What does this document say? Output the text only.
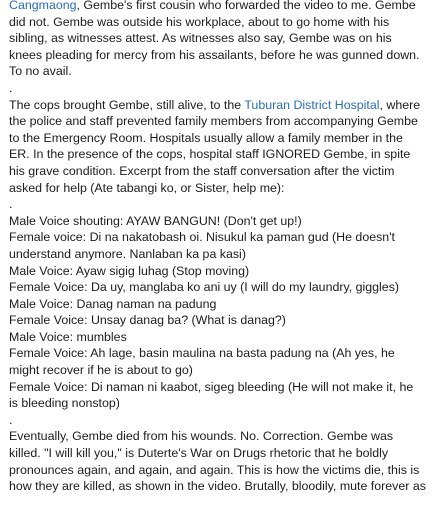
Cangmaong, Gembe's first cousin who forwarded the video to me. Gembe
did not. Gembe was outside his workplace, about to go home with his
sibling, as witnesses attest. As witnesses also say, Gembe was on his
knees pleading for mercy from his assailants, before he was gunned down.
To no avail.
.
The cops brought Gembe, still alive, to the Tuburan District Hospital, where
the police and staff prevented family members from accompanying Gembe
to the Emergency Room. Hospitals usually allow a family member in the
ER. In the presence of the cops, hospital staff IGNORED Gembe, in spite
his grave condition. Excerpt from the staff conversation after the victim
asked for help (Ate tabangi ko, or Sister, help me):
.
Male Voice shouting: AYAW BANGUN! (Don't get up!)
Female voice: Di na nakatobash oi. Nisukul ka paman gud (He doesn't
understand anymore. Nanlaban ka pa kasi)
Male Voice: Ayaw sigig luhag (Stop moving)
Female Voice: Da uy, manglaba ko ani uy (I will do my laundry, giggles)
Male Voice: Danag naman na padung
Female Voice: Unsay danag ba? (What is danag?)
Male Voice: mumbles
Female Voice: Ah lage, basin maulina na basta padung na (Ah yes, he
might recover if he is about to go)
Female Voice: Di naman ni kaabot, sigeg bleeding (He will not make it, he
is bleeding nonstop)
.
Eventually, Gembe died from his wounds. No. Correction. Gembe was
killed. "I will kill you," is Duterte's War on Drugs rhetoric that he boldly
pronounces again, and again, and again. This is how the victims die, this is
how they are killed, as shown in the video. Brutally, bloodily, mute forever as
